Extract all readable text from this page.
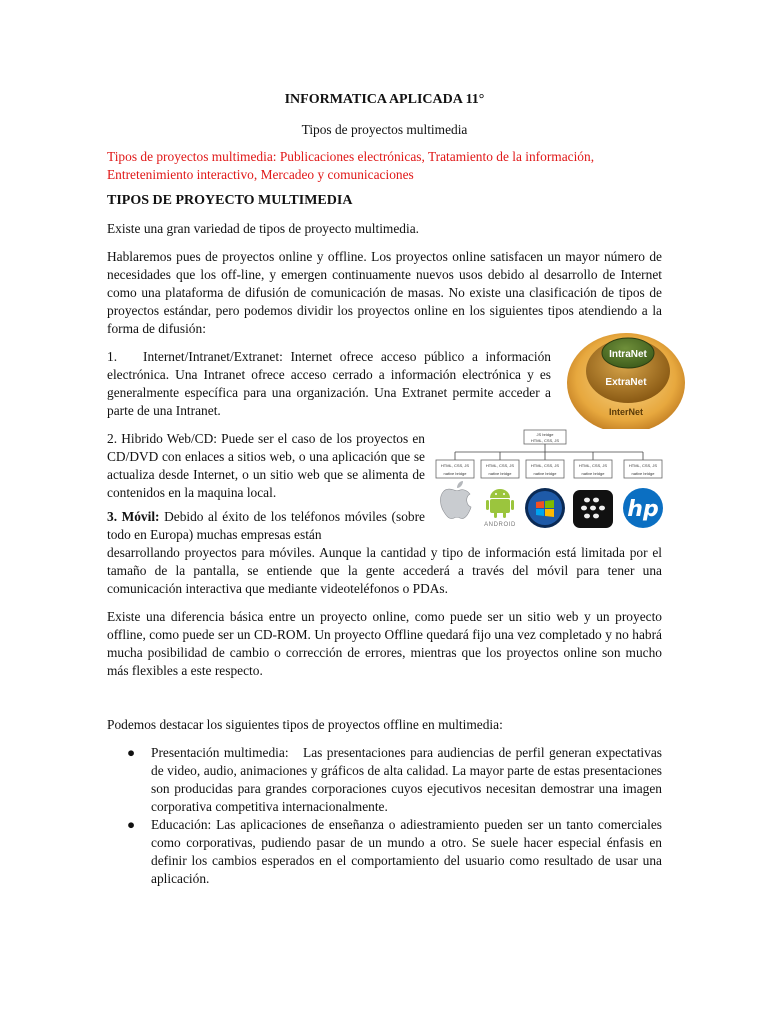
INFORMATICA APLICADA 11°
Tipos de proyectos multimedia
Tipos de proyectos multimedia: Publicaciones electrónicas, Tratamiento de la información, Entretenimiento interactivo, Mercadeo y comunicaciones
TIPOS DE PROYECTO MULTIMEDIA
Existe una gran variedad de tipos de proyecto multimedia.
Hablaremos pues de proyectos online y offline. Los proyectos online satisfacen un mayor número de necesidades que los off-line, y emergen continuamente nuevos usos debido al desarrollo de Internet como una plataforma de difusión de comunicación de masas. No existe una clasificación de tipos de proyectos estándar, pero podemos dividir los proyectos online en los siguientes tipos atendiendo a la forma de difusión:
1. Internet/Intranet/Extranet: Internet ofrece acceso público a información electrónica. Una Intranet ofrece acceso cerrado a información electrónica y es generalmente específica para una organización. Una Extranet permite acceder a parte de una Intranet.
2. Hibrido Web/CD: Puede ser el caso de los proyectos en CD/DVD con enlaces a sitios web, o una aplicación que se actualiza desde Internet, o un sitio web que se alimenta de contenidos en la maquina local.
3. Móvil: Debido al éxito de los teléfonos móviles (sobre todo en Europa) muchas empresas están
desarrollando proyectos para móviles. Aunque la cantidad y tipo de información está limitada por el tamaño de la pantalla, se entiende que la gente accederá a través del móvil para tener una comunicación interactiva que mediante videoteléfonos o PDAs.
Existe una diferencia básica entre un proyecto online, como puede ser un sitio web y un proyecto offline, como puede ser un CD-ROM. Un proyecto Offline quedará fijo una vez completado y no habrá mucha posibilidad de cambio o corrección de errores, mientras que los proyectos online son mucho más flexibles a este respecto.
Podemos destacar los siguientes tipos de proyectos offline en multimedia:
● Presentación multimedia: Las presentaciones para audiencias de perfil generan expectativas de video, audio, animaciones y gráficos de alta calidad. La mayor parte de estas presentaciones son producidas para grandes corporaciones cuyos ejecutivos necesitan demostrar una imagen corporativa competitiva internacionalmente.
● Educación: Las aplicaciones de enseñanza o adiestramiento pueden ser un tanto comerciales como corporativas, pudiendo pasar de un mundo a otro. Se suele hacer especial énfasis en definir los cambios esperados en el comportamiento del usuario como resultado de usar una aplicación.
IntraNet
ExtraNet
InterNet
JS bridge
HTML, CSS, JS
HTML, CSS, JS
native bridge
HTML, CSS, JS
native bridge
HTML, CSS, JS
native bridge
HTML, CSS, JS
native bridge
HTML, CSS, JS
native bridge
ANDROID
hp
